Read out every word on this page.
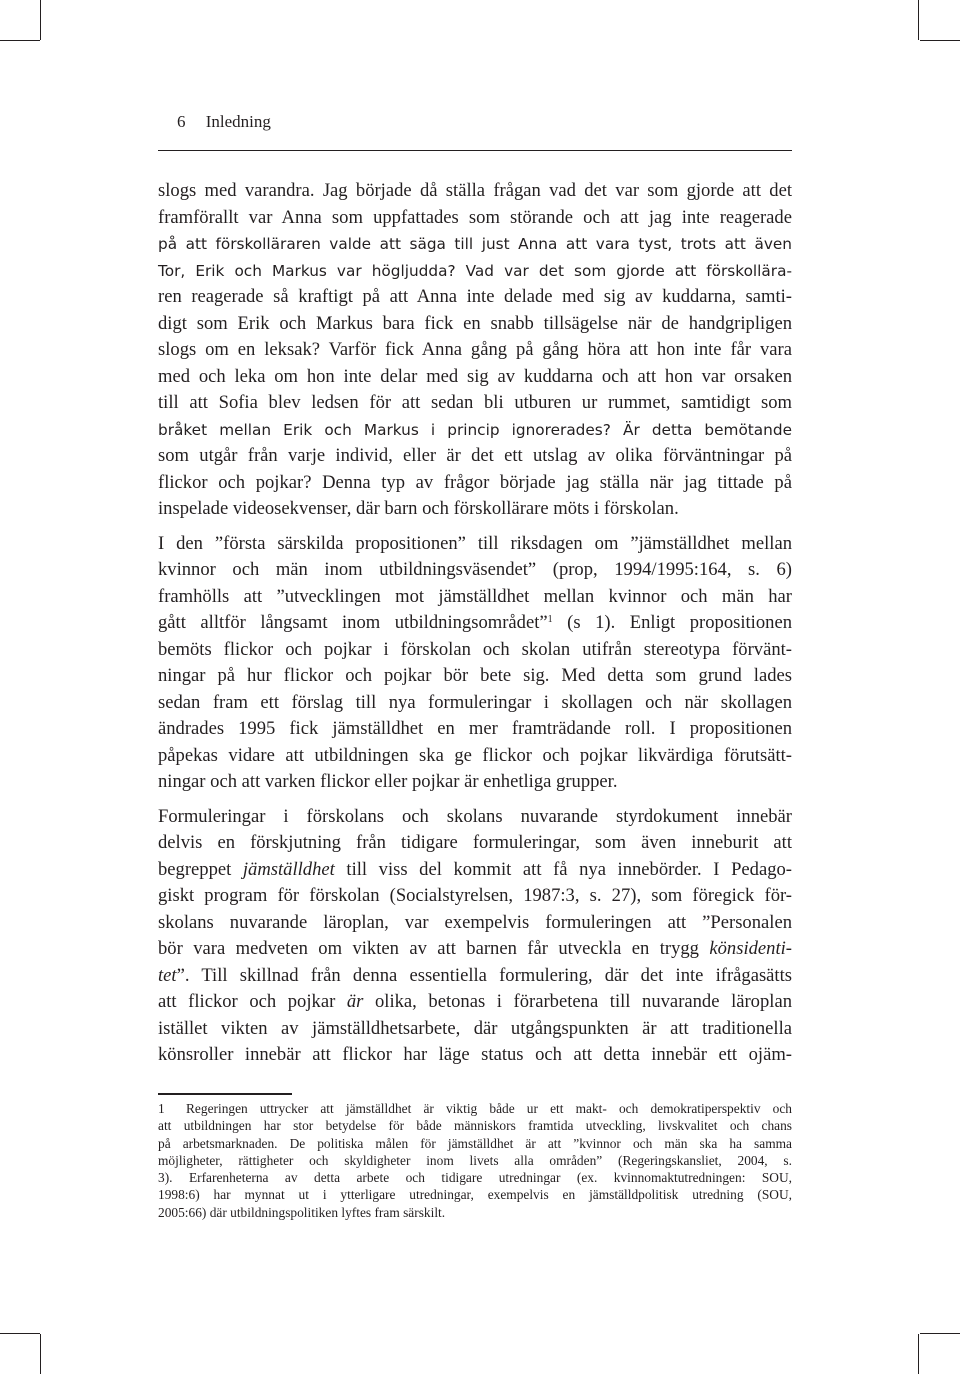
6 Inledning
slogs med varandra. Jag började då ställa frågan vad det var som gjorde att det
framförallt var Anna som uppfattades som störande och att jag inte reagerade
på att förskolläraren valde att säga till just Anna att vara tyst, trots att även
Tor, Erik och Markus var högljudda? Vad var det som gjorde att förskollära-
ren reagerade så kraftigt på att Anna inte delade med sig av kuddarna, samti-
digt som Erik och Markus bara fick en snabb tillsägelse när de handgripligen
slogs om en leksak? Varför fick Anna gång på gång höra att hon inte får vara
med och leka om hon inte delar med sig av kuddarna och att hon var orsaken
till att Sofia blev ledsen för att sedan bli utburen ur rummet, samtidigt som
bråket mellan Erik och Markus i princip ignorerades? Är detta bemötande
som utgår från varje individ, eller är det ett utslag av olika förväntningar på
flickor och pojkar? Denna typ av frågor började jag ställa när jag tittade på
inspelade videosekvenser, där barn och förskollärare möts i förskolan.
I den ”första särskilda propositionen” till riksdagen om ”jämställdhet mellan
kvinnor och män inom utbildningsväsendet” (prop, 1994/1995:164, s. 6)
framhölls att ”utvecklingen mot jämställdhet mellan kvinnor och män har
gått alltför långsamt inom utbildningsområdet”$^1$ (s 1). Enligt propositionen
bemöts flickor och pojkar i förskolan och skolan utifrån stereotypa förvänt-
ningar på hur flickor och pojkar bör bete sig. Med detta som grund lades
sedan fram ett förslag till nya formuleringar i skollagen och när skollagen
ändrades 1995 fick jämställdhet en mer framträdande roll. I propositionen
påpekas vidare att utbildningen ska ge flickor och pojkar likvärdiga förutsätt-
ningar och att varken flickor eller pojkar är enhetliga grupper.
Formuleringar i förskolans och skolans nuvarande styrdokument innebär
delvis en förskjutning från tidigare formuleringar, som även inneburit att
begreppet jämställdhet till viss del kommit att få nya innebörder. I Pedago-
giskt program för förskolan (Socialstyrelsen, 1987:3, s. 27), som föregick för-
skolans nuvarande läroplan, var exempelvis formuleringen att ”Personalen
bör vara medveten om vikten av att barnen får utveckla en trygg könsidenti-
tet”. Till skillnad från denna essentiella formulering, där det inte ifrågasätts
att flickor och pojkar är olika, betonas i förarbetena till nuvarande läroplan
istället vikten av jämställdhetsarbete, där utgångspunkten är att traditionella
könsroller innebär att flickor har läge status och att detta innebär ett ojäm-
1 Regeringen uttrycker att jämställdhet är viktig både ur ett makt- och demokratiperspektiv och
att utbildningen har stor betydelse för både människors framtida utveckling, livskvalitet och chans
på arbetsmarknaden. De politiska målen för jämställdhet är att ”kvinnor och män ska ha samma
möjligheter, rättigheter och skyldigheter inom livets alla områden” (Regeringskansliet, 2004, s.
3). Erfarenheterna av detta arbete och tidigare utredningar (ex. kvinnomaktutredningen: SOU,
1998:6) har mynnat ut i ytterligare utredningar, exempelvis en jämställdpolitisk utredning (SOU,
2005:66) där utbildningspolitiken lyftes fram särskilt.
